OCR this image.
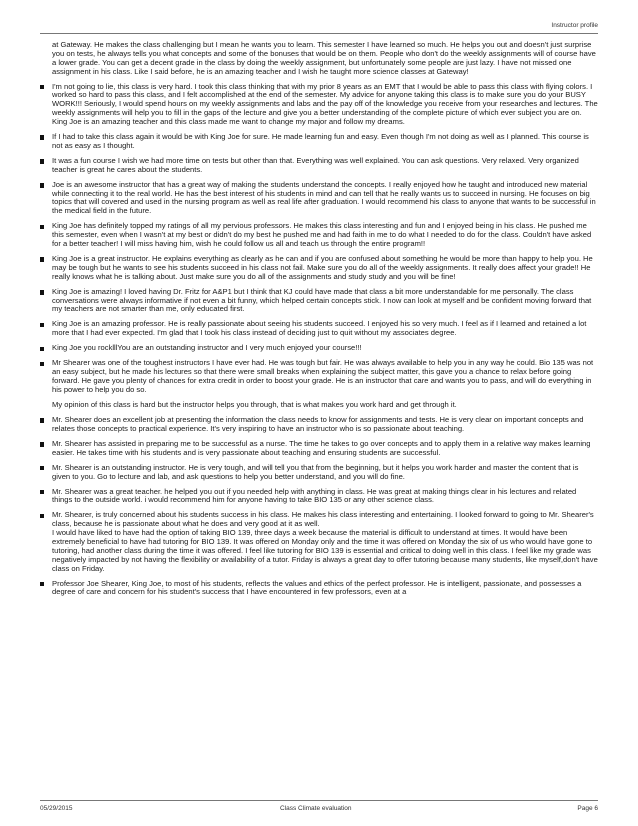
Instructor profile
at Gateway. He makes the class challenging but I mean he wants you to learn. This semester I have learned so much. He helps you out and doesn't just surprise you on tests, he always tells you what concepts and some of the bonuses that would be on them. People who don't do the weekly assignments will of course have a lower grade. You can get a decent grade in the class by doing the weekly assignment, but unfortunately some people are just lazy. I have not missed one assignment in his class. Like I said before, he is an amazing teacher and I wish he taught more science classes at Gateway!
I'm not going to lie, this class is very hard. I took this class thinking that with my prior 8 years as an EMT that I would be able to pass this class with flying colors. I worked so hard to pass this class, and I felt accomplished at the end of the semester. My advice for anyone taking this class is to make sure you do your BUSY WORK!!! Seriously, I would spend hours on my weekly assignments and labs and the pay off of the knowledge you receive from your researches and lectures. The weekly assignments will help you to fill in the gaps of the lecture and give you a better understanding of the complete picture of which ever subject you are on. King Joe is an amazing teacher and this class made me want to change my major and follow my dreams.
If I had to take this class again it would be with King Joe for sure. He made learning fun and easy. Even though I'm not doing as well as I planned. This course is not as easy as I thought.
It was a fun course I wish we had more time on tests but other than that. Everything was well explained. You can ask questions. Very relaxed. Very organized teacher is great he cares about the students.
Joe is an awesome instructor that has a great way of making the students understand the concepts. I really enjoyed how he taught and introduced new material while connecting it to the real world. He has the best interest of his students in mind and can tell that he really wants us to succeed in nursing. He focuses on big topics that will covered and used in the nursing program as well as real life after graduation. I would recommend his class to anyone that wants to be successful in the medical field in the future.
King Joe has definitely topped my ratings of all my pervious professors. He makes this class interesting and fun and I enjoyed being in his class. He pushed me this semester, even when I wasn't at my best or didn't do my best he pushed me and had faith in me to do what I needed to do for the class. Couldn't have asked for a better teacher! I will miss having him, wish he could follow us all and teach us through the entire program!!
King Joe is a great instructor. He explains everything as clearly as he can and if you are confused about something he would be more than happy to help you. He may be tough but he wants to see his students succeed in his class not fail. Make sure you do all of the weekly assignments. It really does affect your grade!! He really knows what he is talking about. Just make sure you do all of the assignments and study study and you will be fine!
King Joe is amazing! I loved having Dr. Fritz for A&P1 but I think that KJ could have made that class a bit more understandable for me personally. The class conversations were always informative if not even a bit funny, which helped certain concepts stick. I now can look at myself and be confident moving forward that my teachers are not smarter than me, only educated first.
King Joe is an amazing professor. He is really passionate about seeing his students succeed. I enjoyed his so very much. I feel as if I learned and retained a lot more that I had ever expected. I'm glad that I took his class instead of deciding just to quit without my associates degree.
King Joe you rocklllYou are an outstanding instructor and I very much enjoyed your course!!!
Mr Shearer was one of the toughest instructors I have ever had. He was tough but fair. He was always available to help you in any way he could. Bio 135 was not an easy subject, but he made his lectures so that there were small breaks when explaining the subject matter, this gave you a chance to relax before going forward. He gave you plenty of chances for extra credit in order to boost your grade. He is an instructor that care and wants you to pass, and will do everything in his power to help you do so.
My opinion of this class is hard but the instructor helps you through, that is what makes you work hard and get through it.
Mr. Shearer does an excellent job at presenting the information the class needs to know for assignments and tests. He is very clear on important concepts and relates those concepts to practical experience. It's very inspiring to have an instructor who is so passionate about teaching.
Mr. Shearer has assisted in preparing me to be successful as a nurse. The time he takes to go over concepts and to apply them in a relative way makes learning easier. He takes time with his students and is very passionate about teaching and ensuring students are successful.
Mr. Shearer is an outstanding instructor. He is very tough, and will tell you that from the beginning, but it helps you work harder and master the content that is given to you. Go to lecture and lab, and ask questions to help you better understand, and you will do fine.
Mr. Shearer was a great teacher. he helped you out if you needed help with anything in class. He was great at making things clear in his lectures and related things to the outside world. i would recommend him for anyone having to take BIO 135 or any other science class.
Mr. Shearer, is truly concerned about his students success in his class. He makes his class interesting and entertaining. I looked forward to going to Mr. Shearer's class, because he is passionate about what he does and very good at it as well.
I would have liked to have had the option of taking BIO 139, three days a week because the material is difficult to understand at times. It would have been extremely beneficial to have had tutoring for BIO 139. It was offered on Monday only and the time it was offered on Monday the six of us who would have gone to tutoring, had another class during the time it was offered. I feel like tutoring for BIO 139 is essential and critical to doing well in this class. I feel like my grade was negatively impacted by not having the flexibility or availability of a tutor. Friday is always a great day to offer tutoring because many students, like myself,don't have class on Friday.
Professor Joe Shearer, King Joe, to most of his students, reflects the values and ethics of the perfect professor. He is intelligent, passionate, and possesses a degree of care and concern for his student's success that I have encountered in few professors, even at a
05/29/2015	Class Climate evaluation	Page 6
